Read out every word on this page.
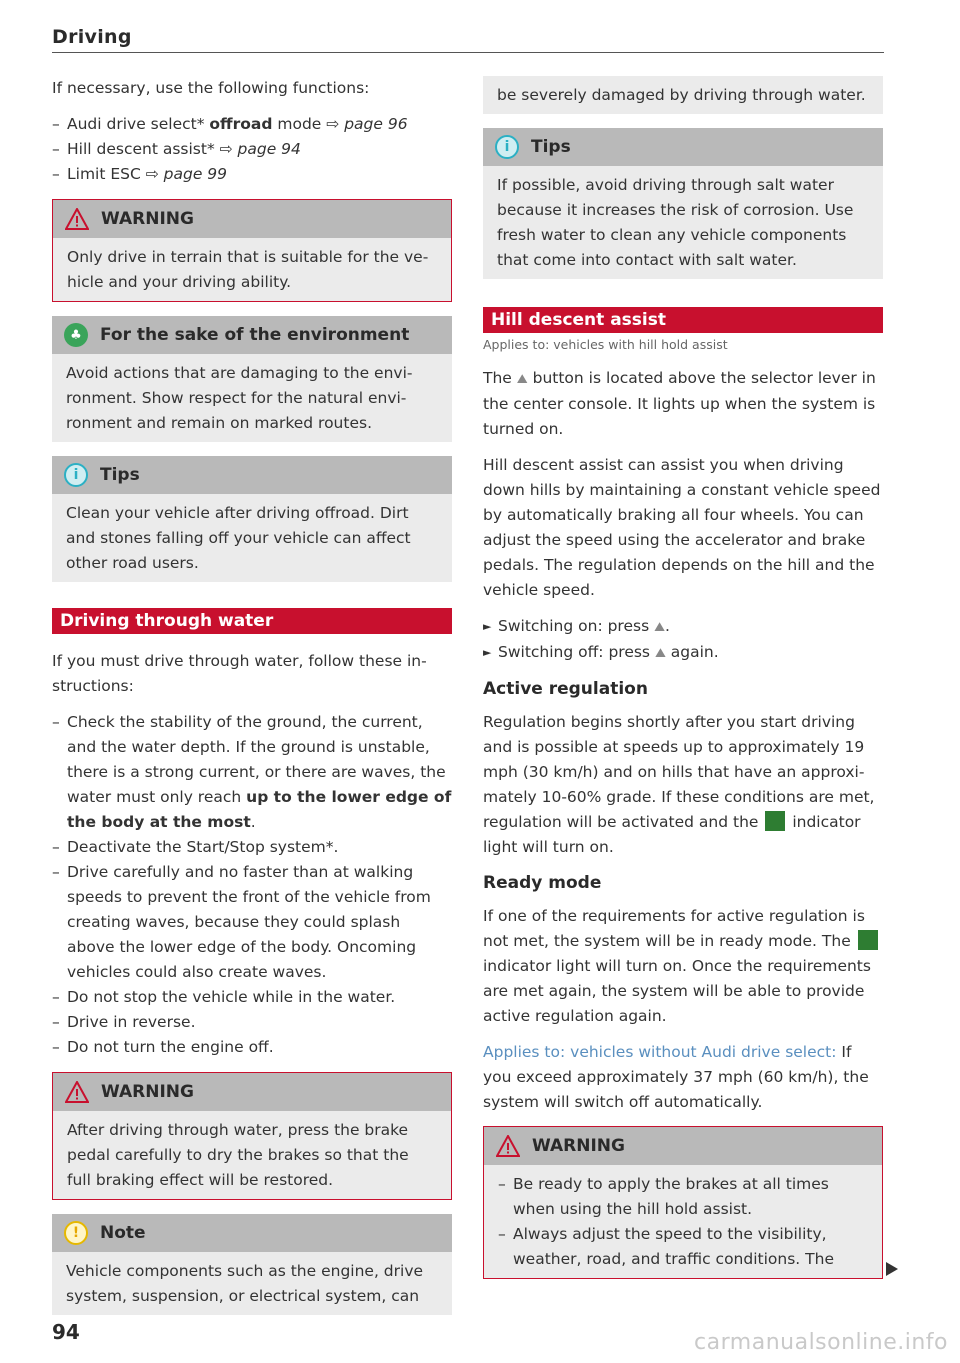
Driving

If necessary, use the following functions:

– Audi drive select* offroad mode ⇨ page 96
– Hill descent assist* ⇨ page 94
– Limit ESC ⇨ page 99
WARNING
Only drive in terrain that is suitable for the vehicle and your driving ability.
♣	For the sake of the environment
Avoid actions that are damaging to the environment. Show respect for the natural environment and remain on marked routes.
i	Tips
Clean your vehicle after driving offroad. Dirt and stones falling off your vehicle can affect other road users.
Driving through water

If you must drive through water, follow these instructions:

– Check the stability of the ground, the current, and the water depth. If the ground is unstable, there is a strong current, or there are waves, the water must only reach up to the lower edge of the body at the most.
– Deactivate the Start/Stop system*.
– Drive carefully and no faster than at walking speeds to prevent the front of the vehicle from creating waves, because they could splash above the lower edge of the body. Oncoming vehicles could also create waves.
– Do not stop the vehicle while in the water.
– Drive in reverse.
– Do not turn the engine off.
WARNING
After driving through water, press the brake pedal carefully to dry the brakes so that the full braking effect will be restored.
!	Note
Vehicle components such as the engine, drive system, suspension, or electrical system, can
be severely damaged by driving through water.
i	Tips
If possible, avoid driving through salt water because it increases the risk of corrosion. Use fresh water to clean any vehicle components that come into contact with salt water.
Hill descent assist
Applies to: vehicles with hill hold assist

The ⛰ button is located above the selector lever in the center console. It lights up when the system is turned on.

Hill descent assist can assist you when driving down hills by maintaining a constant vehicle speed by automatically braking all four wheels. You can adjust the speed using the accelerator and brake pedals. The regulation depends on the hill and the vehicle speed.

► Switching on: press ⛰.
► Switching off: press ⛰ again.
Active regulation

Regulation begins shortly after you start driving and is possible at speeds up to approximately 19 mph (30 km/h) and on hills that have an approximately 10-60% grade. If these conditions are met, regulation will be activated and the  indicator light will turn on.

Ready mode

If one of the requirements for active regulation is not met, the system will be in ready mode. The  indicator light will turn on. Once the requirements are met again, the system will be able to provide active regulation again.

Applies to: vehicles without Audi drive select: If you exceed approximately 37 mph (60 km/h), the system will switch off automatically.

WARNING
– Be ready to apply the brakes at all times when using the hill hold assist.
– Always adjust the speed to the visibility, weather, road, and traffic conditions. The
94	carmanualsonline.info
